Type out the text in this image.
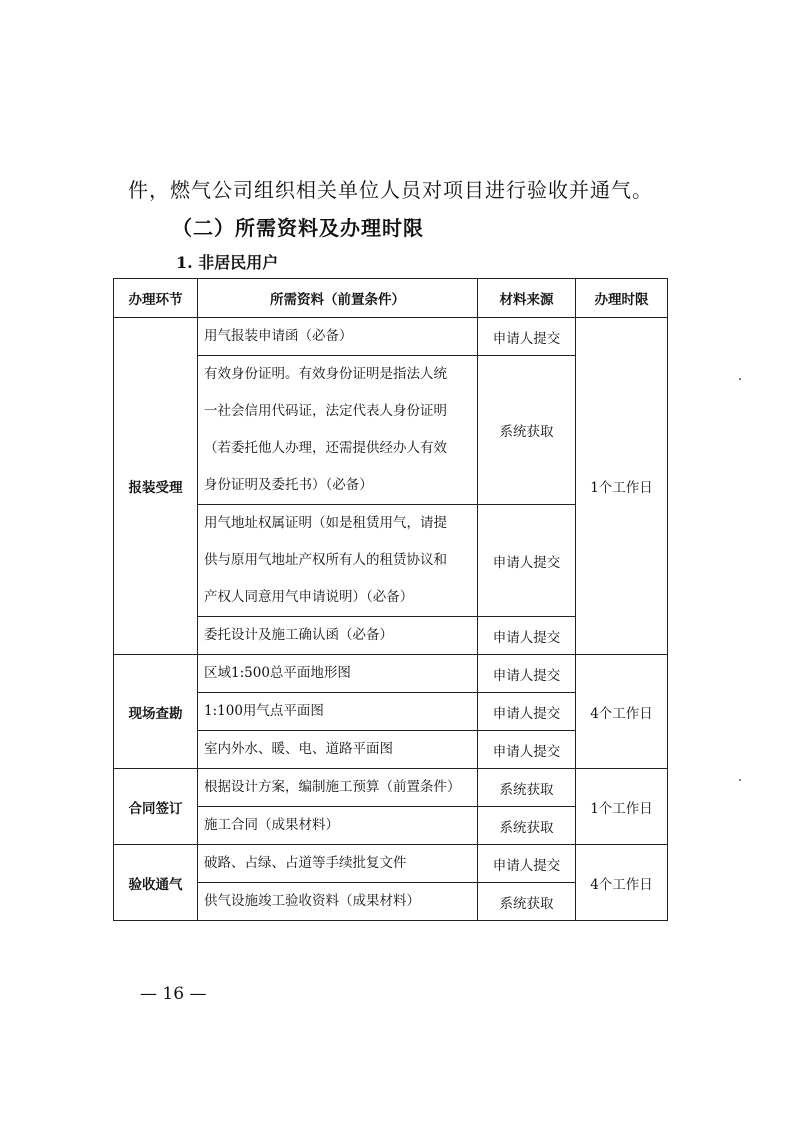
件，燃气公司组织相关单位人员对项目进行验收并通气。
（二）所需资料及办理时限
1. 非居民用户
办理环节	所需资料（前置条件）	材料来源	办理时限
报装受理	用气报装申请函（必备）	申请人提交	1个工作日

	有效身份证明。有效身份证明是指法人统
一社会信用代码证，法定代表人身份证明
（若委托他人办理，还需提供经办人有效
身份证明及委托书）（必备）	系统获取	

	用气地址权属证明（如是租赁用气，请提
供与原用气地址产权所有人的租赁协议和
产权人同意用气申请说明）（必备）	申请人提交	

	委托设计及施工确认函（必备）	申请人提交	
现场查勘	区域1:500总平面地形图	申请人提交	4个工作日

	1:100用气点平面图	申请人提交	

	室内外水、暖、电、道路平面图	申请人提交	
合同签订	根据设计方案，编制施工预算（前置条件）	系统获取	1个工作日

	施工合同（成果材料）	系统获取	
验收通气	破路、占绿、占道等手续批复文件	申请人提交	4个工作日

	供气设施竣工验收资料（成果材料）	系统获取	
— 16 —
